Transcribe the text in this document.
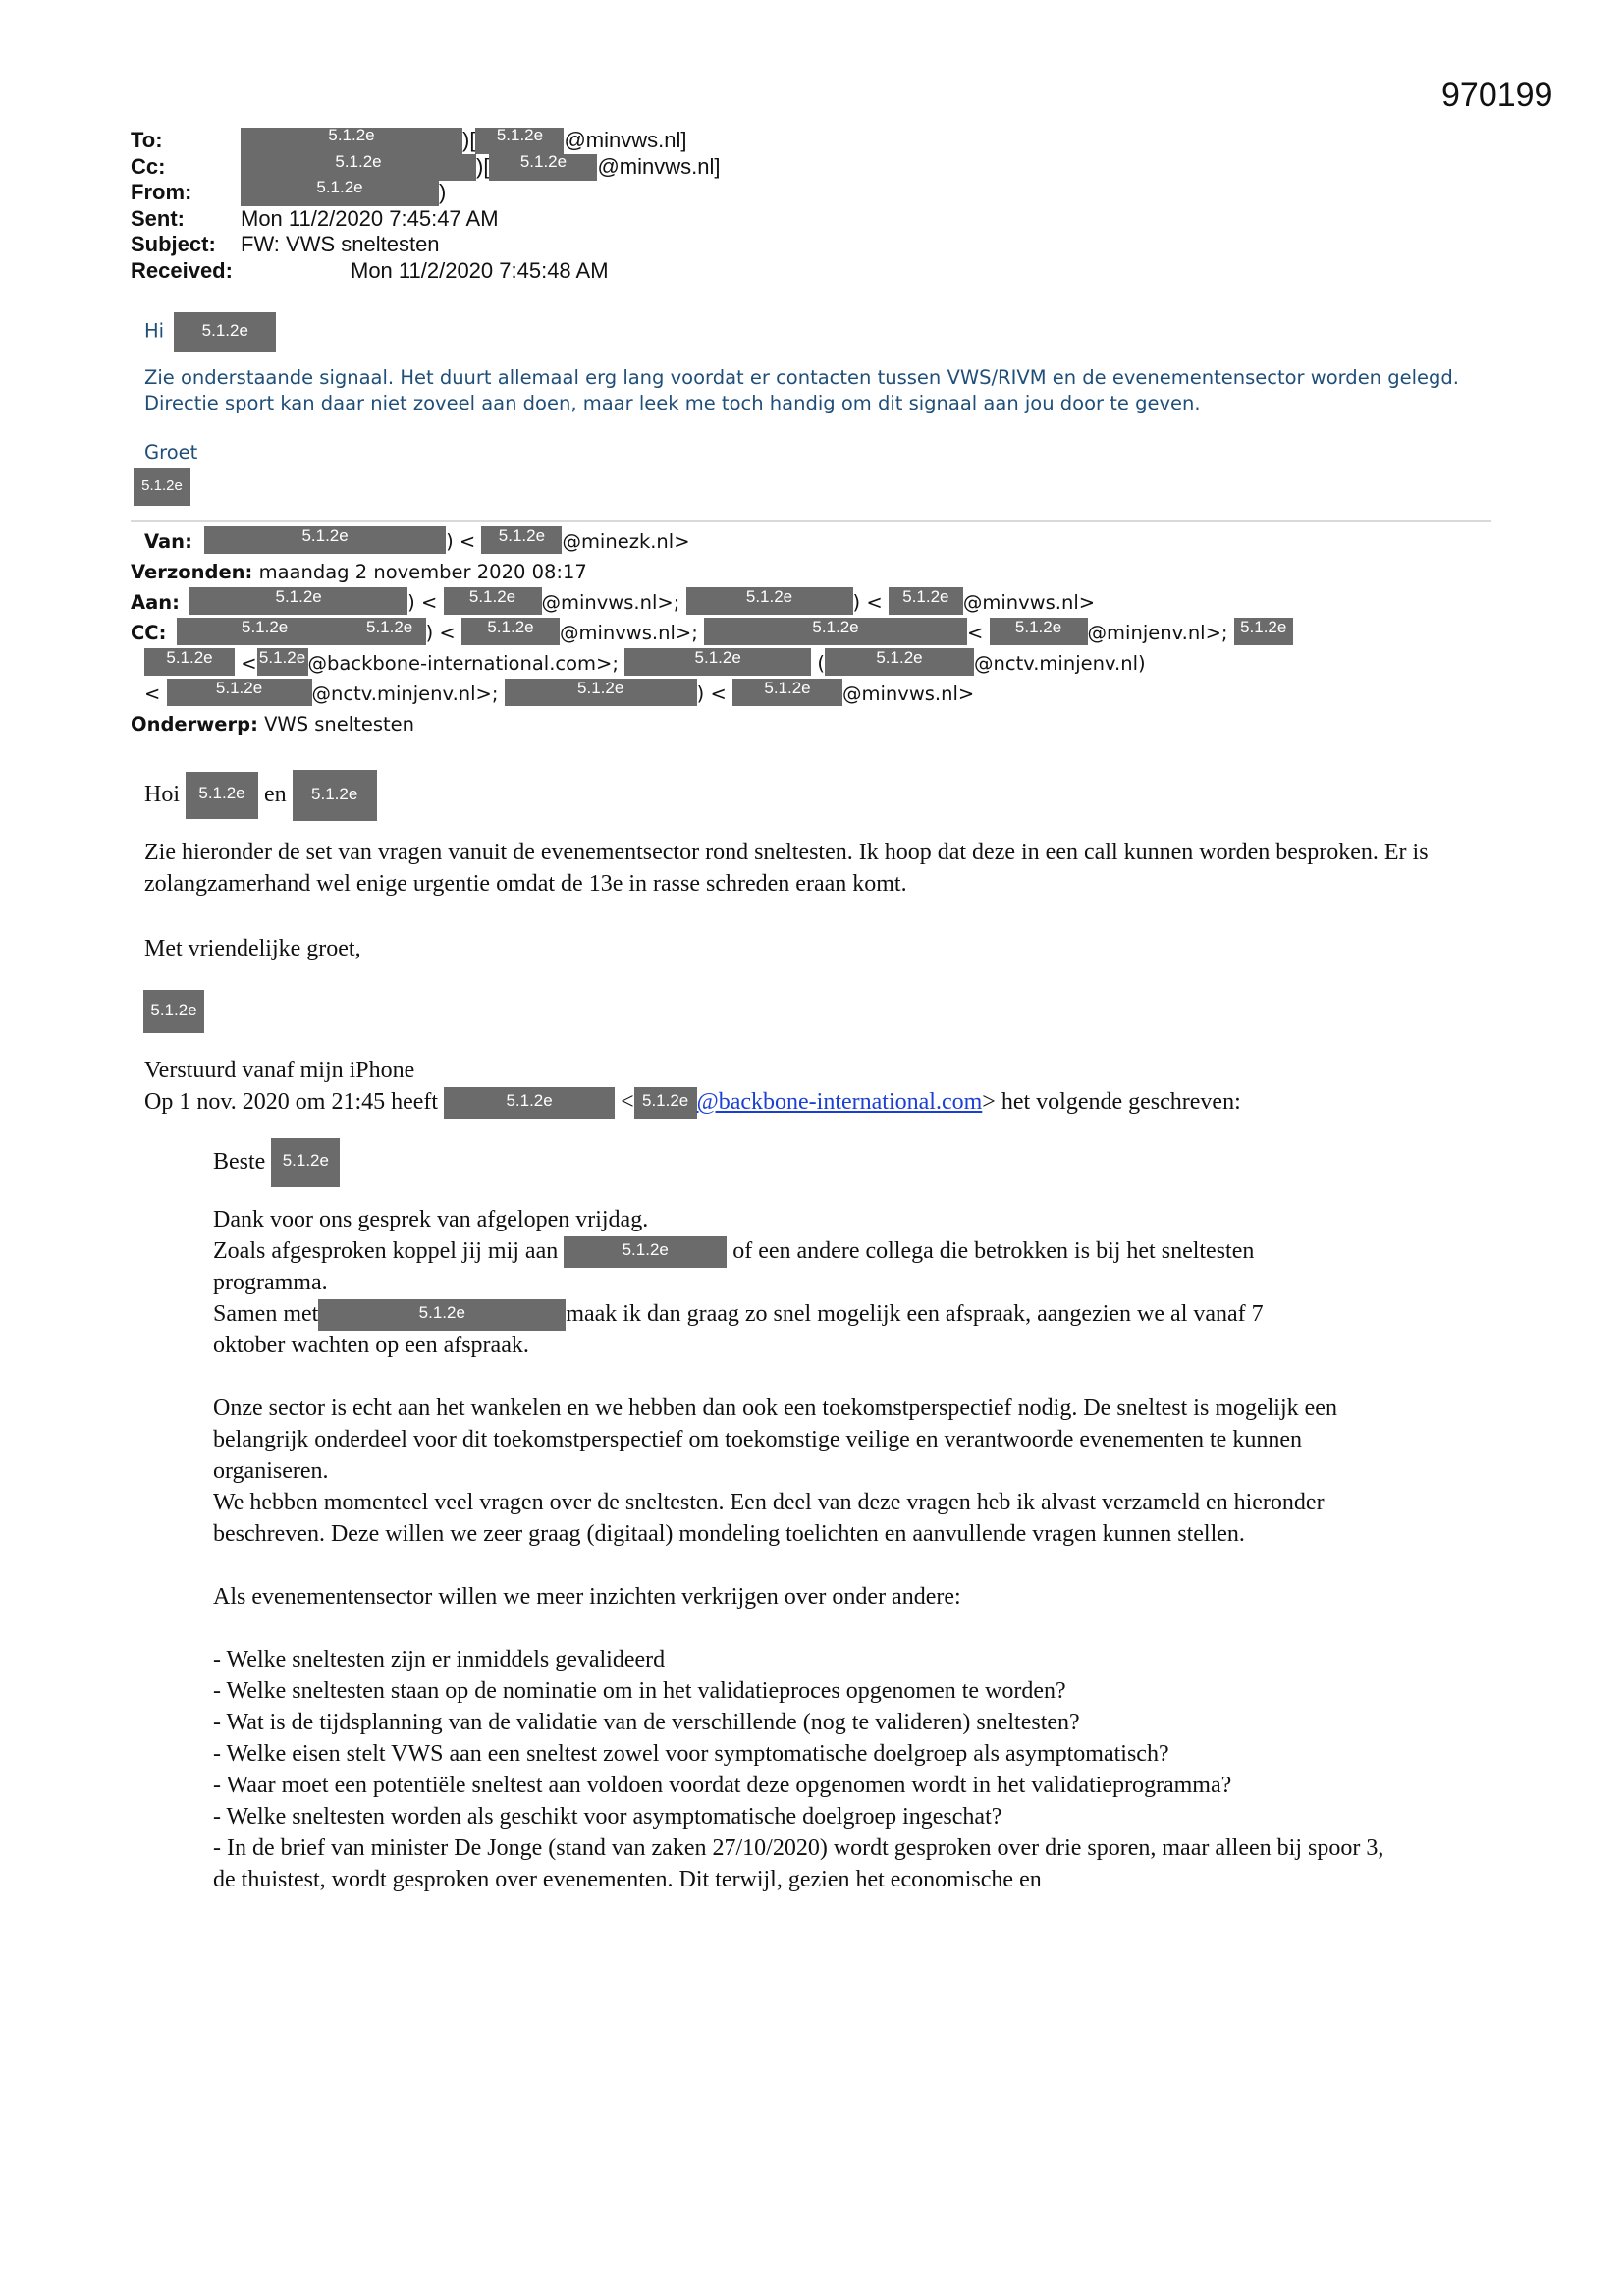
970199
To:	5.1.2e	)[ 5.1.2e @minvws.nl]
Cc:	5.1.2e	)[ 5.1.2e @minvws.nl]
From:	5.1.2e	)
Sent:	Mon 11/2/2020 7:45:47 AM
Subject: FW: VWS sneltesten
Received:	Mon 11/2/2020 7:45:48 AM
Hi 5.1.2e
Zie onderstaande signaal. Het duurt allemaal erg lang voordat er contacten tussen VWS/RIVM en de evenementensector worden gelegd. Directie sport kan daar niet zoveel aan doen, maar leek me toch handig om dit signaal aan jou door te geven.
Groet
5.1.2e
Van:	5.1.2e	) < 5.1.2e @minezk.nl>
Verzonden: maandag 2 november 2020 08:17
Aan:	5.1.2e	) < 5.1.2e @minvws.nl>;	5.1.2e	) < 5.1.2e @minvws.nl>
CC:	5.1.2e	5.1.2e ) < 5.1.2e @minvws.nl>;	5.1.2e	< 5.1.2e @minjenv.nl>; 5.1.2e
5.1.2e < 5.1.2e @backbone-international.com>;	5.1.2e	(	5.1.2e	@nctv.minjenv.nl)
<	5.1.2e	@nctv.minjenv.nl>;	5.1.2e	) < 5.1.2e @minvws.nl>
Onderwerp: VWS sneltesten
Hoi 5.1.2e en 5.1.2e
Zie hieronder de set van vragen vanuit de evenementsector rond sneltesten. Ik hoop dat deze in een call kunnen worden besproken. Er is zolangzamerhand wel enige urgentie omdat de 13e in rasse schreden eraan komt.
Met vriendelijke groet,
5.1.2e
Verstuurd vanaf mijn iPhone
Op 1 nov. 2020 om 21:45 heeft	5.1.2e	< 5.1.2e @backbone-international.com> het volgende geschreven:
Beste 5.1.2e
Dank voor ons gesprek van afgelopen vrijdag.
Zoals afgesproken koppel jij mij aan	5.1.2e	of een andere collega die betrokken is bij het sneltesten
programma.
Samen met	5.1.2e	maak ik dan graag zo snel mogelijk een afspraak, aangezien we al vanaf 7
oktober wachten op een afspraak.
Onze sector is echt aan het wankelen en we hebben dan ook een toekomstperspectief nodig. De sneltest is mogelijk een belangrijk onderdeel voor dit toekomstperspectief om toekomstige veilige en verantwoorde evenementen te kunnen organiseren.
We hebben momenteel veel vragen over de sneltesten. Een deel van deze vragen heb ik alvast verzameld en hieronder beschreven. Deze willen we zeer graag (digitaal) mondeling toelichten en aanvullende vragen kunnen stellen.
Als evenementensector willen we meer inzichten verkrijgen over onder andere:
- Welke sneltesten zijn er inmiddels gevalideerd
- Welke sneltesten staan op de nominatie om in het validatieproces opgenomen te worden?
- Wat is de tijdsplanning van de validatie van de verschillende (nog te valideren) sneltesten?
- Welke eisen stelt VWS aan een sneltest zowel voor symptomatische doelgroep als asymptomatisch?
- Waar moet een potentiële sneltest aan voldoen voordat deze opgenomen wordt in het validatieprogramma?
- Welke sneltesten worden als geschikt voor asymptomatische doelgroep ingeschat?
- In de brief van minister De Jonge (stand van zaken 27/10/2020) wordt gesproken over drie sporen, maar alleen bij spoor 3, de thuistest, wordt gesproken over evenementen. Dit terwijl, gezien het economische en
